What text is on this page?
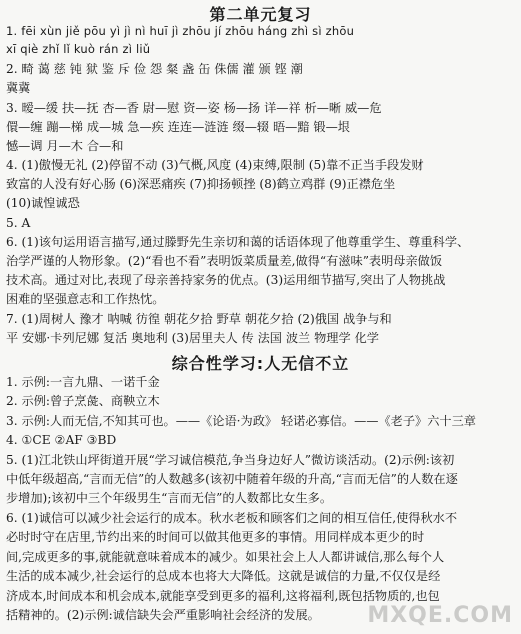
第二单元复习
1. fēi xùn jiě pōu yì jì nì huī jì zhōu jí zhōu háng zhì sì zhōu
xī qiè zhǐ lǐ kuò rán zì liǔ
2. 畸 蔼 慈 钝 狱 鉴 斥 俭 怨 粲 盏 缶 侏儒 灌 颁 铿 潮
冀冀
3. 暧—缓 扶—抚 杏—香 尉—慰 资—姿 杨—扬 详—祥 析—晰 威—危
儇—缠 蹦—梯 成—城 急—疾 连连—涟涟 缀—辍 晤—黯 锻—垠
憾—调 月—木 合—和
4. (1)傲慢无礼 (2)停留不动 (3)气概,风度 (4)束缚,限制 (5)靠不正当手段发财
致富的人没有好心肠 (6)深恶痛疾 (7)抑扬顿挫 (8)鹤立鸡群 (9)正襟危坐
(10)诚惶诚恐
5. A
6. (1)该句运用语言描写,通过滕野先生亲切和蔼的话语体现了他尊重学生、尊重科学、
治学严谨的人物形象。(2)“看也不看”表明饭菜质量差,做得“有滋味”表明母亲做饭
技术高。通过对比,表现了母亲善持家务的优点。(3)运用细节描写,突出了人物挑战
困难的坚强意志和工作热忱。
7. (1)周树人 豫才 呐喊 彷徨 朝花夕拾 野草 朝花夕拾 (2)俄国 战争与和
平 安娜·卡列尼娜 复活 奥地利 (3)居里夫人 传 法国 波兰 物理学 化学
综合性学习:人无信不立
1. 示例:一言九鼎、一诺千金
2. 示例:曾子烹彘、商鞅立木
3. 示例:人而无信,不知其可也。——《论语·为政》 轻诺必寡信。——《老子》六十三章
4. ①CE ②AF ③BD
5. (1)江北铁山坪街道开展“学习诚信模范,争当身边好人”微访谈活动。(2)示例:该初
中低年级超高,“言而无信”的人数越多(该初中随着年级的升高,“言而无信”的人数在逐
步增加);该初中三个年级男生“言而无信”的人数都比女生多。
6. (1)诚信可以减少社会运行的成本。秋水老板和顾客们之间的相互信任,使得秋水不
必时时守在店里,节约出来的时间可以做其他更多的事情。用同样成本更少的时
间,完成更多的事,就能就意味着成本的减少。如果社会上人人都讲诚信,那么每个人
生活的成本减少,社会运行的总成本也将大大降低。这就是诚信的力量,不仅仅是经
济成本,时间成本和机会成本,就能享受到更多的福利,这将福利,既包括物质的,也包
括精神的。(2)示例:诚信缺失会严重影响社会经济的发展。	MXQE.COM
